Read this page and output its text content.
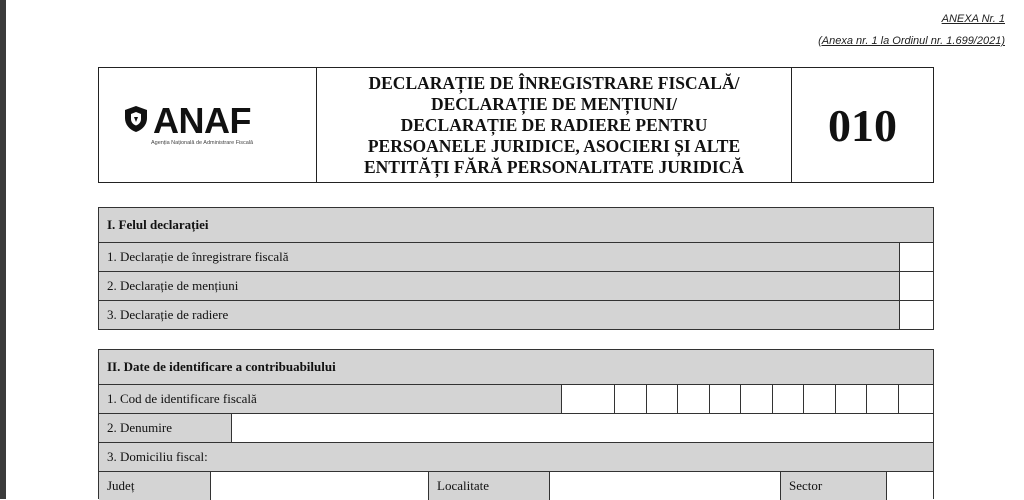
ANEXA Nr. 1
(Anexa nr. 1 la Ordinul nr. 1.699/2021)
ANAF
Agenția Națională de Administrare Fiscală
DECLARAȚIE DE ÎNREGISTRARE FISCALĂ/
DECLARAȚIE DE MENȚIUNI/
DECLARAȚIE DE RADIERE PENTRU
PERSOANELE JURIDICE, ASOCIERI ȘI ALTE
ENTITĂȚI FĂRĂ PERSONALITATE JURIDICĂ
010
I. Felul declarației
1. Declarație de înregistrare fiscală
2. Declarație de mențiuni
3. Declarație de radiere
II. Date de identificare a contribuabilului
1. Cod de identificare fiscală
2. Denumire
3. Domiciliu fiscal:
Județ	Localitate	Sector
